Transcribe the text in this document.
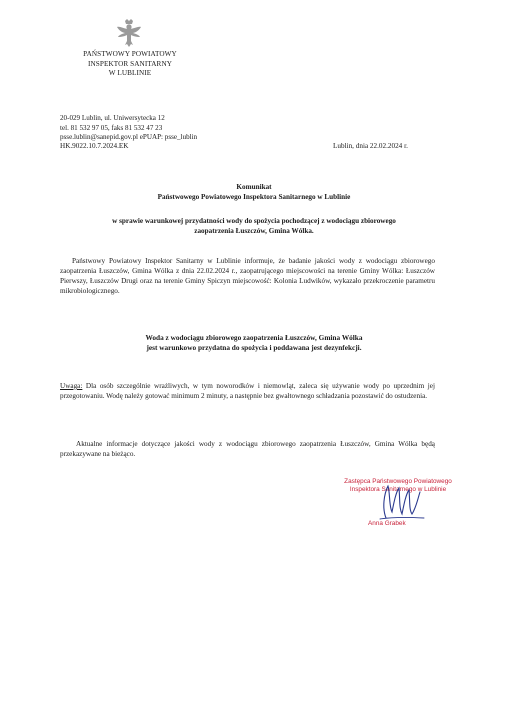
PAŃSTWOWY POWIATOWY
INSPEKTOR SANITARNY
W LUBLINIE
20-029 Lublin, ul. Uniwersytecka 12
tel. 81 532 97 05, faks 81 532 47 23
psse.lublin@sanepid.gov.pl ePUAP: psse_lublin
HK.9022.10.7.2024.EK	Lublin, dnia 22.02.2024 r.
Komunikat
Państwowego Powiatowego Inspektora Sanitarnego w Lublinie
w sprawie warunkowej przydatności wody do spożycia pochodzącej z wodociągu zbiorowego
zaopatrzenia Łuszczów, Gmina Wólka.
Państwowy Powiatowy Inspektor Sanitarny w Lublinie informuje, że badanie jakości wody z wodociągu zbiorowego zaopatrzenia Łuszczów, Gmina Wólka z dnia 22.02.2024 r., zaopatrującego miejscowości na terenie Gminy Wólka: Łuszczów Pierwszy, Łuszczów Drugi oraz na terenie Gminy Spiczyn miejscowość: Kolonia Ludwików, wykazało przekroczenie parametru mikrobiologicznego.
Woda z wodociągu zbiorowego zaopatrzenia Łuszczów, Gmina Wólka
jest warunkowo przydatna do spożycia i poddawana jest dezynfekcji.
Uwaga: Dla osób szczególnie wrażliwych, w tym noworodków i niemowląt, zaleca się używanie wody po uprzednim jej przegotowaniu. Wodę należy gotować minimum 2 minuty, a następnie bez gwałtownego schładzania pozostawić do ostudzenia.
Aktualne informacje dotyczące jakości wody z wodociągu zbiorowego zaopatrzenia Łuszczów, Gmina Wólka będą przekazywane na bieżąco.
Zastępca Państwowego Powiatowego
Inspektora Sanitarnego w Lublinie
Anna Grabek
